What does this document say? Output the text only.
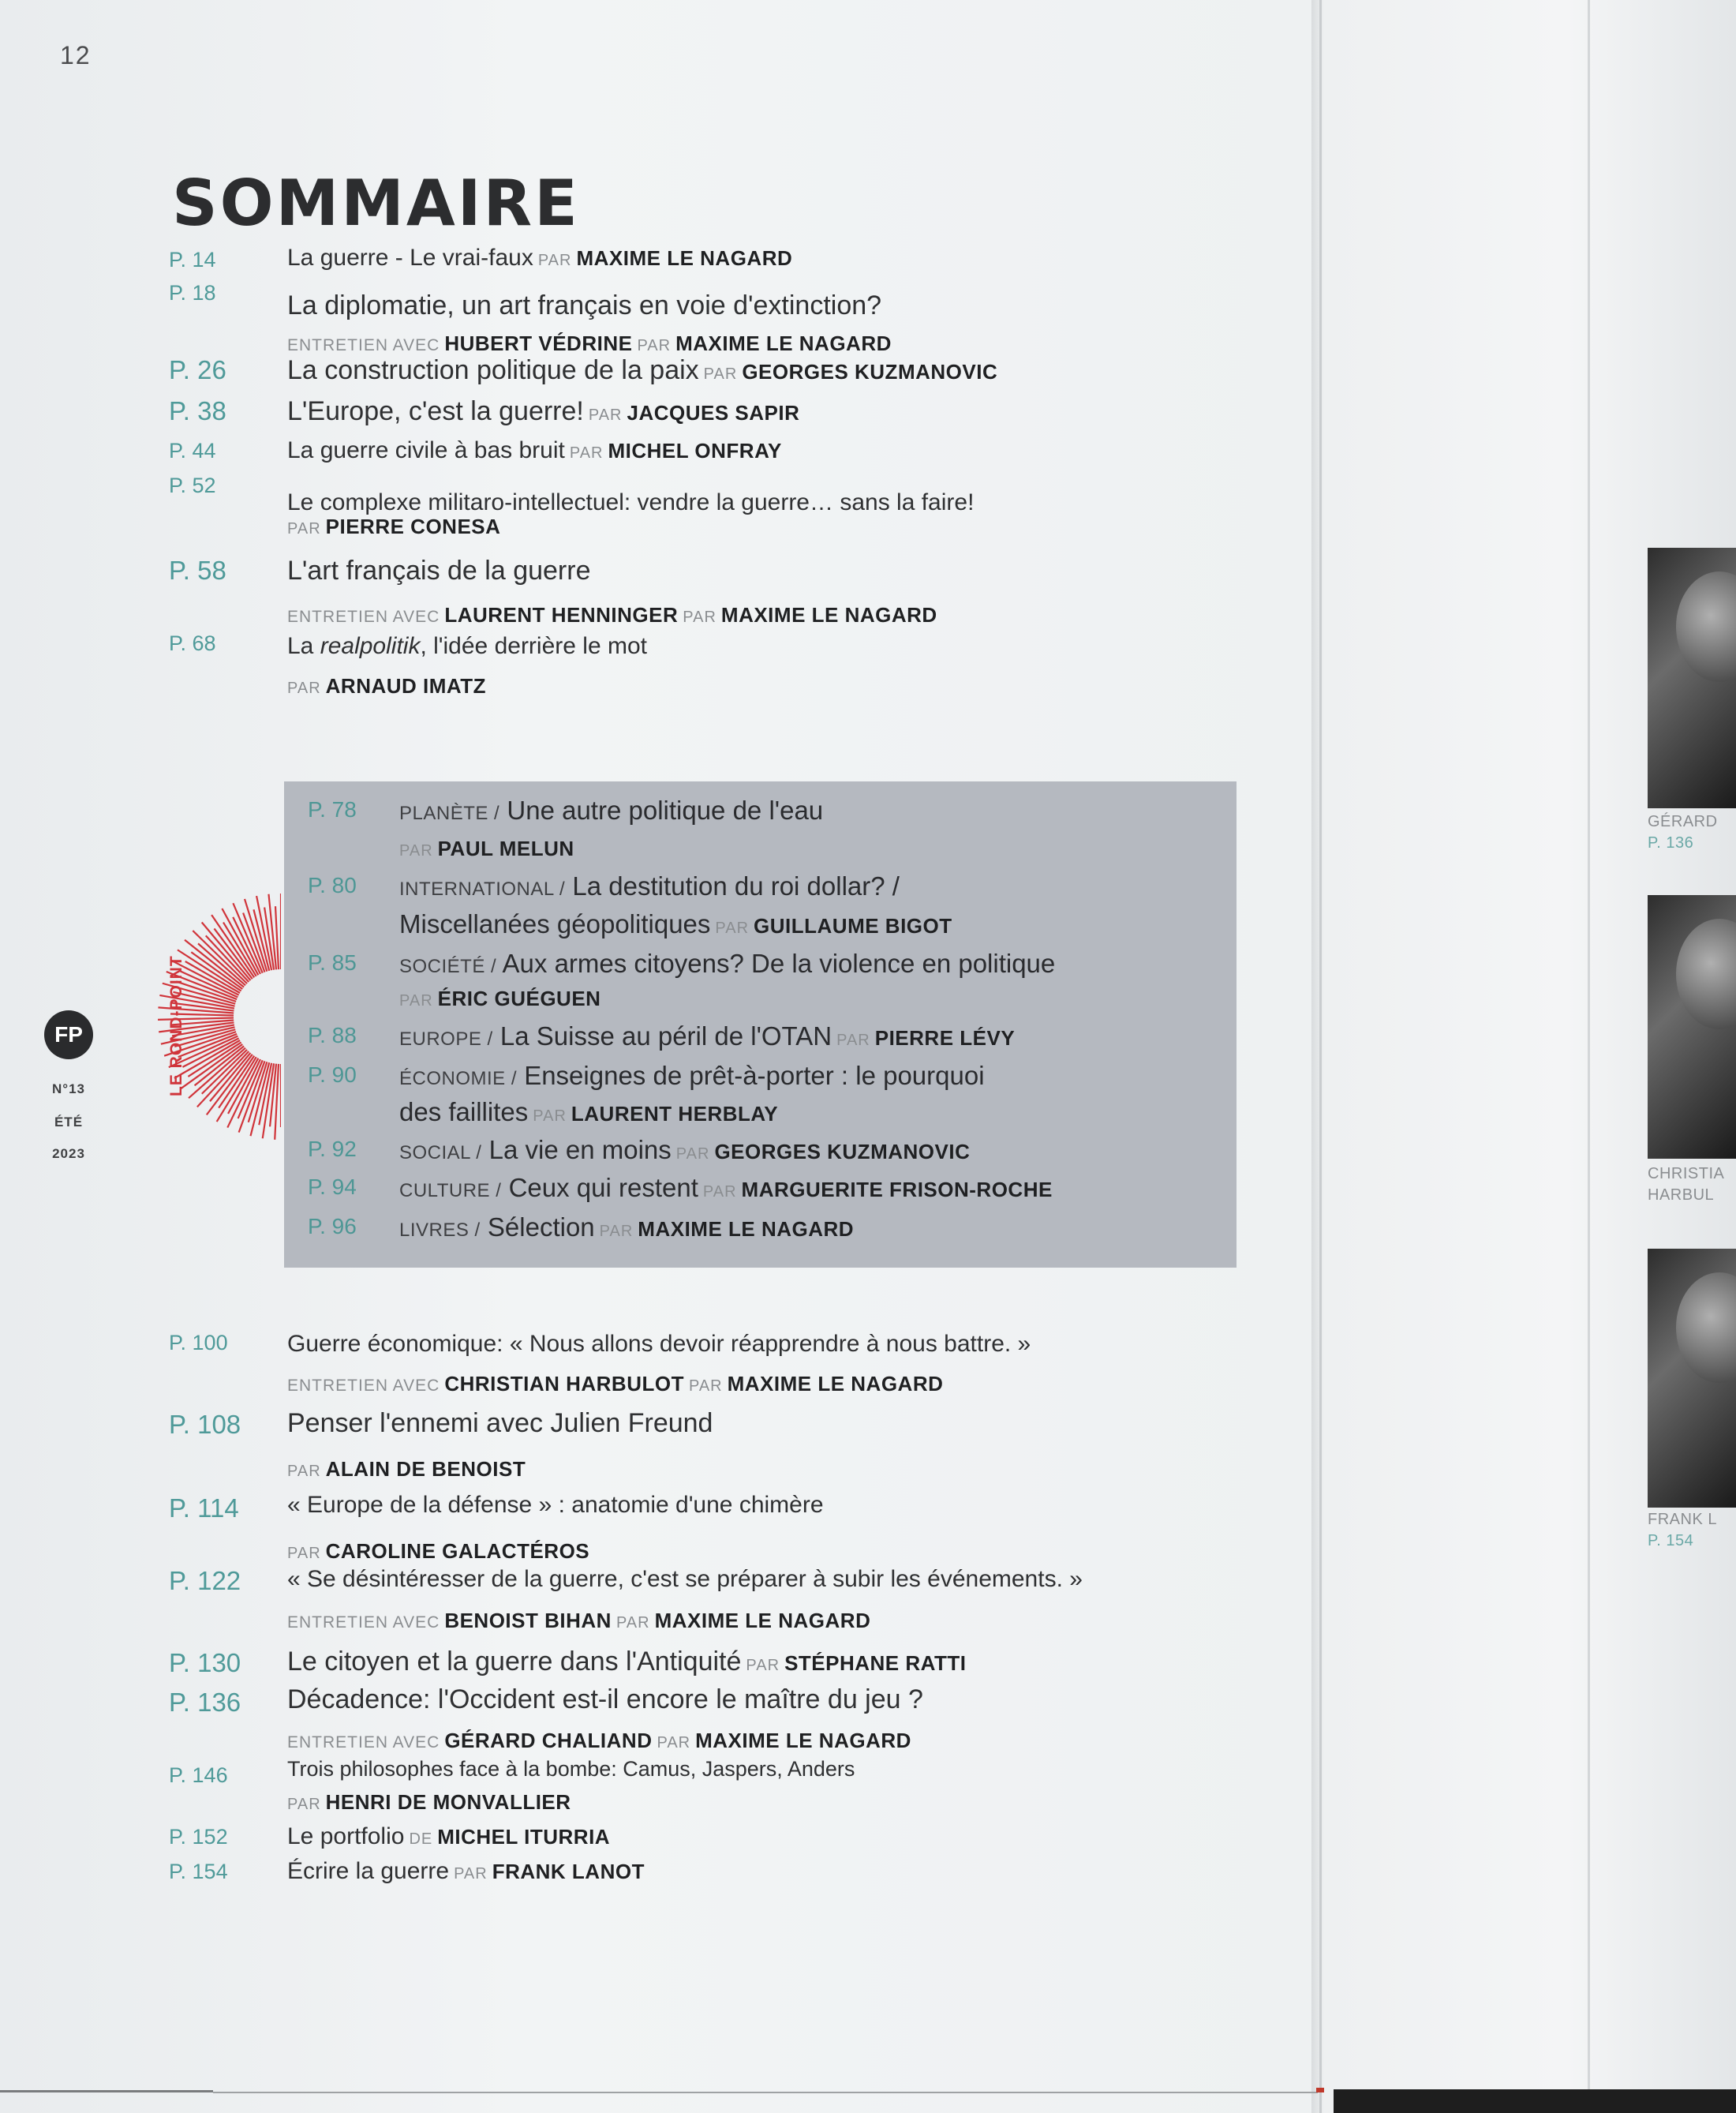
12
SOMMAIRE
P. 14	La guerre - Le vrai-faux PAR MAXIME LE NAGARD
P. 18	La diplomatie, un art français en voie d'extinction?
ENTRETIEN AVEC HUBERT VÉDRINE PAR MAXIME LE NAGARD
P. 26 La construction politique de la paix PAR GEORGES KUZMANOVIC
P. 38 L'Europe, c'est la guerre! PAR JACQUES SAPIR
P. 44	La guerre civile à bas bruit PAR MICHEL ONFRAY
P. 52
Le complexe militaro-intellectuel: vendre la guerre… sans la faire!
PAR PIERRE CONESA
P. 58 L'art français de la guerre
ENTRETIEN AVEC LAURENT HENNINGER PAR MAXIME LE NAGARD
P. 68	La realpolitik, l'idée derrière le mot
PAR ARNAUD IMATZ
LE ROND-POINT
P. 78 PLANÈTE / Une autre politique de l'eau
PAR PAUL MELUN
P. 80 INTERNATIONAL / La destitution du roi dollar? /
Miscellanées géopolitiques PAR GUILLAUME BIGOT
P. 85 SOCIÉTÉ / Aux armes citoyens? De la violence en politique
PAR ÉRIC GUÉGUEN
P. 88 EUROPE / La Suisse au péril de l'OTAN PAR PIERRE LÉVY
P. 90 ÉCONOMIE / Enseignes de prêt-à-porter : le pourquoi
des faillites PAR LAURENT HERBLAY
P. 92 SOCIAL / La vie en moins PAR GEORGES KUZMANOVIC
P. 94 CULTURE / Ceux qui restent PAR MARGUERITE FRISON-ROCHE
P. 96 LIVRES / Sélection PAR MAXIME LE NAGARD
P. 100	Guerre économique: « Nous allons devoir réapprendre à nous battre. »
ENTRETIEN AVEC CHRISTIAN HARBULOT PAR MAXIME LE NAGARD
P. 108 Penser l'ennemi avec Julien Freund
PAR ALAIN DE BENOIST
P. 114 « Europe de la défense » : anatomie d'une chimère
PAR CAROLINE GALACTÉROS
P. 122 « Se désintéresser de la guerre, c'est se préparer à subir les événements. »
ENTRETIEN AVEC BENOIST BIHAN PAR MAXIME LE NAGARD
P. 130 Le citoyen et la guerre dans l'Antiquité PAR STÉPHANE RATTI
P. 136 Décadence: l'Occident est-il encore le maître du jeu ?
ENTRETIEN AVEC GÉRARD CHALIAND PAR MAXIME LE NAGARD
P. 146	Trois philosophes face à la bombe: Camus, Jaspers, Anders
PAR HENRI DE MONVALLIER
P. 152	Le portfolio DE MICHEL ITURRIA
P. 154	Écrire la guerre PAR FRANK LANOT
FP
N°13
ÉTÉ
2023
GÉRARD
P. 136
CHRISTIA
HARBUL
FRANK L
P. 154
